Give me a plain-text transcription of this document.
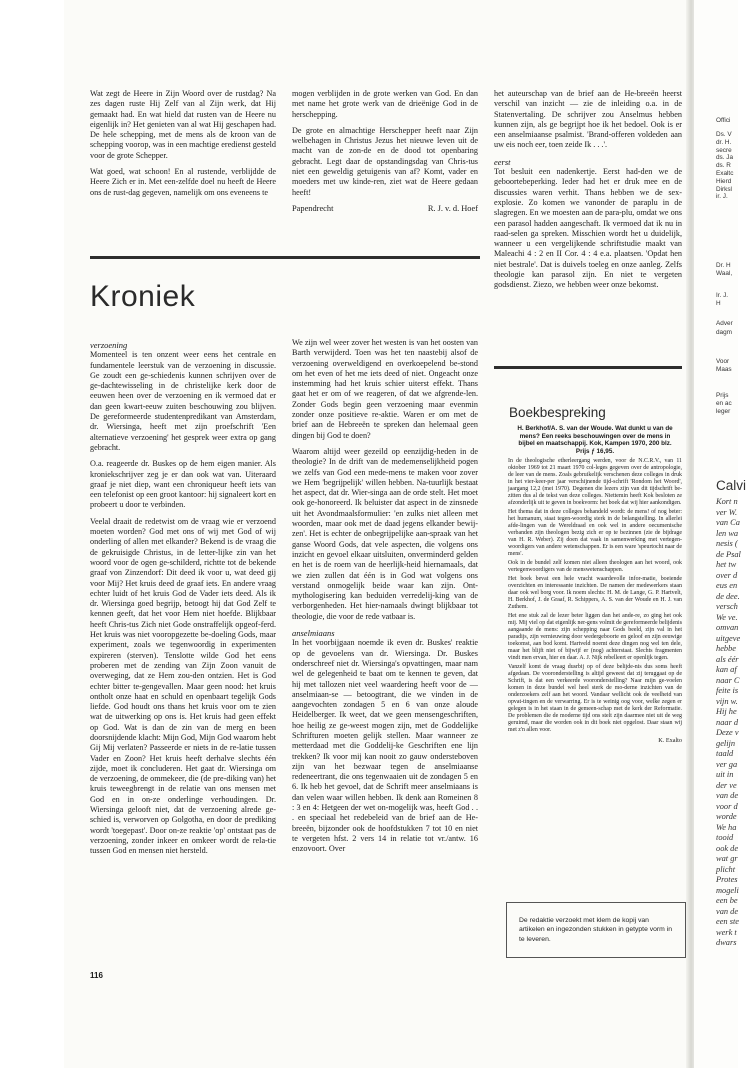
Wat zegt de Heere in Zijn Woord over de rustdag? Na zes dagen ruste Hij Zelf van al Zijn werk, dat Hij gemaakt had. En wat hield dat rusten van de Heere nu eigenlijk in? Het genieten van al wat Hij geschapen had. De hele schepping, met de mens als de kroon van de schepping voorop, was in een machtige eredienst gesteld voor de grote Schepper.

Wat goed, wat schoon! En al rustende, verblijdde de Heere Zich er in. Met een-zelfde doel nu heeft de Heere ons de rust-dag gegeven, namelijk om ons eveneens te

mogen verblijden in de grote werken van God. En dan met name het grote werk van de drieënige God in de herschepping.

De grote en almachtige Herschepper heeft naar Zijn welbehagen in Christus Jezus het nieuwe leven uit de macht van de zon-de en de dood tot openbaring gebracht. Legt daar de opstandingsdag van Chris-tus niet een geweldig getuigenis van af? Komt, vader en moeders met uw kinde-ren, ziet wat de Heere gedaan heeft!

Papendrecht	R. J. v. d. Hoef

het auteurschap van de brief aan de He-breeën heerst verschil van inzicht — zie de inleiding o.a. in de Statenvertaling. De schrijver zou Anselmus hebben kunnen zijn, als ge begrijpt hoe ik het bedoel. Ook is er een anselmiaanse psalmist. 'Brand-offeren voldeden aan uw eis noch eer, toen zeide Ik . . .'.

eerst

Tot besluit een nadenkertje. Eerst had-den we de geboortebeperking. Ieder had het er druk mee en de discussies waren verhit. Thans hebben we de sex-explosie. Zo komen we vanonder de paraplu in de slagregen. En we moesten aan de para-plu, omdat we ons een parasol hadden aangeschaft. Ik vermoed dat ik nu in raad-selen ga spreken. Misschien wordt het u duidelijk, wanneer u een vergelijkende schriftstudie maakt van Maleachi 4 : 2 en II Cor. 4 : 4 e.a. plaatsen. 'Opdat hen niet bestrale'. Dat is duivels toeleg en onze aanleg. Zelfs theologie kan parasol zijn. En niet te vergeten godsdienst. Ziezo, we hebben weer onze bekomst.

Kroniek
verzoening

Momenteel is ten onzent weer eens het centrale en fundamentele leerstuk van de verzoening in discussie. Ge zoudt een ge-schiedenis kunnen schrijven over de ge-dachtewisseling in de christelijke kerk door de eeuwen heen over de verzoening en ik vermoed dat er dan geen kwart-eeuw zuiten beschouwing zou blijven. De gereformeerde studentenpredikant van Amsterdam, dr. Wiersinga, heeft met zijn proefschrift 'Een alternatieve verzoening' het gesprek weer extra op gang gebracht.

O.a. reageerde dr. Buskes op de hem eigen manier. Als kroniekschrijver zeg je er dan ook wat van. Uiteraard graaf je niet diep, want een chroniqueur heeft iets van een telefonist op een groot kantoor: hij signaleert kort en probeert u door te verbinden.

Veelal draait de redetwist om de vraag wie er verzoend moeten worden? God met ons of wij met God of wij onderling of allen met elkander? Bekend is de vraag die de gekruisigde Christus, in de letter-lijke zin van het woord voor de ogen ge-schilderd, richtte tot de bekende graaf von Zinzendorf: Dit deed ik voor u, wat deed gij voor Mij? Het kruis deed de graaf iets. En andere vraag echter luidt of het kruis God de Vader iets deed. Als ik dr. Wiersinga goed begrijp, betoogt hij dat God Zelf te kennen geeft, dat het voor Hem niet hoefde. Blijkbaar heeft Chris-tus Zich niet Gode onstraffelijk opgeof-ferd. Het kruis was niet vooropgezette be-doeling Gods, maar experiment, zoals we tegenwoordig in experimenten expireren (sterven). Tenslotte wilde God het eens proberen met de zending van Zijn Zoon vanuit de overweging, dat ze Hem zou-den ontzien. Het is God echter bitter te-gengevallen. Maar geen nood: het kruis ontholt onze haat en schuld en openbaart tegelijk Gods liefde. God houdt ons thans het kruis voor om te zien wat de uitwerking op ons is. Het kruis had geen effekt op God. Wat is dan de zin van de merg en been doorsnijdende klacht: Mijn God, Mijn God waarom hebt Gij Mij verlaten? Passeerde er niets in de re-latie tussen Vader en Zoon? Het kruis heeft derhalve slechts één zijde, moet ik concluderen. Het gaat dr. Wiersinga om de verzoening, de ommekeer, die (de pre-diking van) het kruis teweegbrengt in de relatie van ons mensen met God en in on-ze onderlinge verhoudingen. Dr. Wiersinga gelooft niet, dat de verzoening alrede ge-schied is, verworven op Golgotha, en door de prediking wordt 'toegepast'. Door on-ze reaktie 'op' ontstaat pas de verzoening, zonder inkeer en omkeer wordt de rela-tie tussen God en mensen niet hersteld.

We zijn wel weer zover het westen is van het oosten van Barth verwijderd. Toen was het ten naastebij alsof de verzoening overweldigend en overkoepelend be-stond om het even of het me iets deed of niet. Ongeacht onze instemming had het kruis schier uiterst effekt. Thans gaat het er om of we reageren, of dat we afgrende-len. Zonder Gods begin geen verzoening maar evenmin zonder onze positieve re-aktie. Waren er om met de brief aan de Hebreeën te spreken dan helemaal geen dingen bij God te doen?

Waarom altijd weer gezeild op eenzijdig-heden in de theologie? In de drift van de medemenselijkheid pogen we zelfs van God een mede-mens te maken voor zover we Hem 'begrijpelijk' willen hebben. Na-tuurlijk bestaat het aspect, dat dr. Wier-singa aan de orde stelt. Het moet ook ge-honoreerd. Ik beluister dat aspect in de zinsnede uit het Avondmaalsformulier: 'en zulks niet alleen met woorden, maar ook met de daad jegens elkander bewij-zen'. Het is echter de onbegrijpelijke aan-spraak van het ganse Woord Gods, dat vele aspecten, die volgens ons inzicht en gevoel elkaar uitsluiten, onverminderd gelden en het is de roem van de heerlijk-heid hiernamaals, dat we zien zullen dat één is in God wat volgens ons verstand onmogelijk beide waar kan zijn. Ont-mythologisering kan beduiden verredelij-king van de verborgenheden. Het hier-namaals dwingt blijkbaar tot theologie, die voor de rede vatbaar is.

anselmiaans

In het voorbijgaan noemde ik even dr. Buskes' reaktie op de gevoelens van dr. Wiersinga. Dr. Buskes onderschreef niet dr. Wiersinga's opvattingen, maar nam wel de gelegenheid te baat om te kennen te geven, dat hij met tallozen niet veel waardering heeft voor de — anselmiaan-se — betoogtrant, die we vinden in de aangevochten zondagen 5 en 6 van onze aloude Heidelberger. Ik weet, dat we geen mensengeschriften, hoe heilig ze ge-weest mogen zijn, met de Goddelijke Schrifturen moeten gelijk stellen. Maar wanneer ze metterdaad met die Goddelij-ke Geschriften ene lijn trekken? Ik voor mij kan nooit zo gauw ondersteboven zijn van het bezwaar tegen de anselmiaanse redeneertrant, die ons tegenwaaien uit de zondagen 5 en 6. Ik heb het gevoel, dat de Schrift meer anselmiaans is dan velen waar willen hebben. Ik denk aan Romeinen 8 : 3 en 4: Hetgeen der wet on-mogelijk was, heeft God . . . en speciaal het redebeleid van de brief aan de He-breeën, bijzonder ook de hoofdstukken 7 tot 10 en niet te vergeten hfst. 2 vers 14 in relatie tot vr./antw. 16 enzovoort. Over

Boekbespreking
H. Berkhof/A. S. van der Woude. Wat dunkt u van de mens? Een reeks beschouwingen over de mens in bijbel en maatschappij. Kok, Kampen 1970, 200 blz. Prijs ƒ 16,95.

In de theologische etherleergang werden, voor de N.C.R.V., van 11 oktober 1969 tot 21 maart 1970 col-leges gegeven over de antropologie, de leer van de mens. Zoals gebruikelijk verschenen deze colleges in druk in het vier-keer-per jaar verschijnende tijd-schrift 'Rondom het Woord', jaargang 12,2 (mei 1970). Degenen die lezers zijn van dit tijdschrift be-zitten dus al de tekst van deze colleges. Niettemin heeft Kok besloten ze afzonderlijk uit te geven in boekvorm: het boek dat wij hier aankondigen.

Het thema dat in deze colleges behandeld wordt: de mens! of nog beter: het humanum, staat tegen-woordig sterk in de belangstelling. In allerlei afde-lingen van de Wereldraad en ook wel in andere oecumenische verbanden zijn theologen bezig zich er op te bezinnen (zie de bijdrage van H. R. Weber). Zij doen dat vaak in samenwerking met vertegen-woordigers van andere wetenschappen. Er is een ware 'speurtocht naar de mens'.

Ook in de bundel zelf komen niet alleen theologen aan het woord, ook vertegenwoordigers van de menswetenschappen.

Het boek bevat een hele vracht waardevolle infor-matie, boeiende overzichten en interessante inzichten. De namen der medewerkers staan daar ook wel borg voor. Ik noem slechts: H. M. de Lange, G. P. Hartvelt, H. Berkhof, J. de Graaf, R. Schippers, A. S. van der Woude en H. J. van Zuthem.

Het ene stuk zal de lezer beter liggen dan het ande-re, zo ging het ook mij. Mij viel op dat eigenlijk ner-gens volmit de gereformeerde belijdenis aangaande de mens: zijn schepping naar Gods beeld, zijn val in het paradijs, zijn vernieuwing door wedergeboorte en geloof en zijn eeuwige toekomst, aan bod komt. Hartveld noemt deze dingen nog wel ten dele, maar het blijft niet of bijwijf er (nog) achterstaat. Slechts fragmenten vindt men ervan, hier en daar. A. J. Nijk rebelleert er openlijk tegen.

Vanzelf komt de vraag dusrbij op of deze belijde-nis dus soms heeft afgedaan. De vooronderstelling is altijd geweest dat zij teruggaat op de Schrift, is dat een verkeerde vooronderstelling? Naar mijn ge-voelen komen in deze bundel wel heel sterk de mo-derne inzichten van de onderzoekers zelf aan het woord. Vandaar wellicht ook de veelheid van opvat-tingen en de verwarring. Er is te weinig oog voor, welke zegen er gelegen is in het staan in de gemeen-schap met de kerk der Reformatie. De problemen die de moderne tijd ons stelt zijn daarmee niet uit de weg geruimd, maar die worden ook in dit boek niet opgelost. Daar staan wij met z'n allen voor.

K. Exalto
De redaktie verzoekt met klem de kopij van artikelen en ingezonden stukken in getypte vorm in te leveren.
116
Offici
Ds. V
dr. H.
secre
ds. Ja
ds. R
Exaltc
Hierd
Dirksl
ir. J.
Dr. H
Waal,
Ir. J.
H
Adver
dagm
Voor
Maas
Prijs
en ac
leger
Calvi
Kort n
ver W.
van Ca
len wa
nesis (
de Psal
het tw
over d
eus en
de dee.
versch
We ve.
omvan
uitgeve
hebbe
als éér
kan af
naar C
feite is
vijn w.
Hij he
naar d
Deze v
gelijn
taald
ver ga
uit in
der ve
van de
voor d
worde
We ha
tooid
ook de
wat gr
plicht
Protes
mogeli
een be
van de
een ste
werk t
dwars
